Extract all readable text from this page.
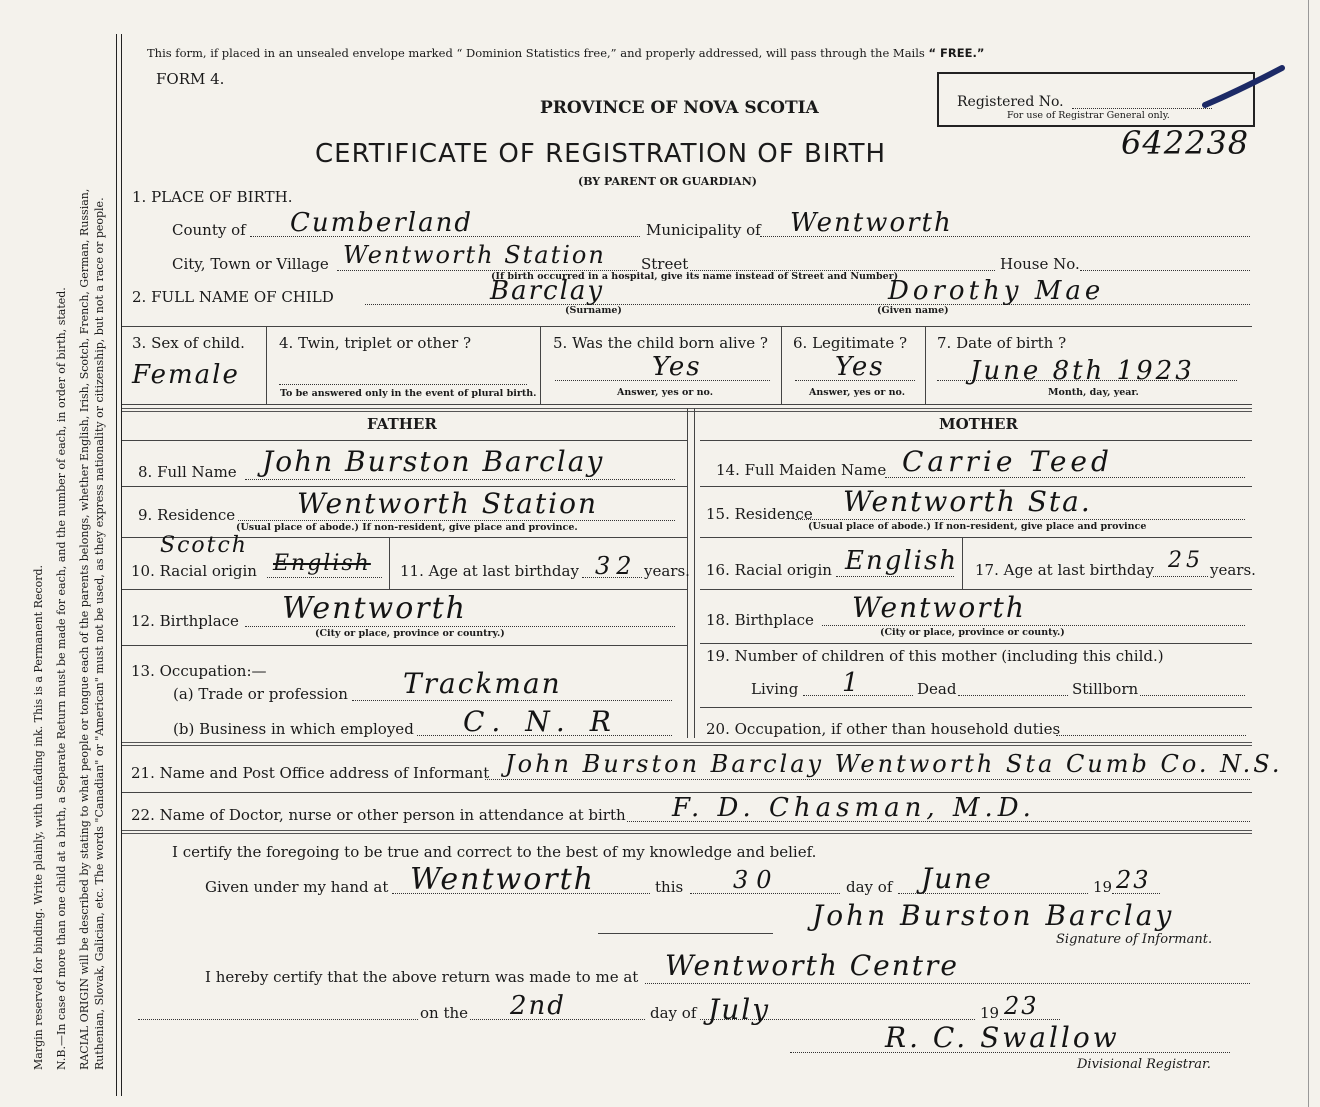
Margin reserved for binding. Write plainly, with unfading ink. This is a Permanent Record. N.B.—In case of more than one child at a birth, a Separate Return must be made for each, and the number of each, in order of birth, stated. RACIAL ORIGIN will be described by stating to what people or tongue each of the parents belongs, whether English, Irish, Scotch, French, German, Russian, Ruthenian, Slovak, Galician, etc. The words "Canadian" or "American" must not be used, as they express nationality or citizenship, but not a race or people.
This form, if placed in an unsealed envelope marked “ Dominion Statistics free,” and properly addressed, will pass through the Mails “ FREE.”
FORM 4.
PROVINCE OF NOVA SCOTIA
CERTIFICATE OF REGISTRATION OF BIRTH
(BY PARENT OR GUARDIAN)
Registered No.
For use of Registrar General only.
642238
1. PLACE OF BIRTH.
County of Cumberland	Municipality of Wentworth
City, Town or Village Wentworth Station Street	House No.
(If birth occurred in a hospital, give its name instead of Street and Number)
2. FULL NAME OF CHILD	Barclay	Dorothy Mae
(Surname)	(Given name)
3. Sex of child.
Female
4. Twin, triplet or other ?
To be answered only in the event of plural birth.
5. Was the child born alive ?
Yes
Answer, yes or no.
6. Legitimate ?
Yes
Answer, yes or no.
7. Date of birth ?
June 8th 1923
Month, day, year.
FATHER	MOTHER
8. Full Name John Burston Barclay	14. Full Maiden Name Carrie Teed
9. Residence Wentworth Station
(Usual place of abode.) If non-resident, give place and province.
15. Residence Wentworth Sta.
(Usual place of abode.) If non-resident, give place and province
10. Racial origin
Scotch
English 11. Age at last birthday 32 years. 16. Racial origin English 17. Age at last birthday 25 years.
12. Birthplace Wentworth
(City or place, province or country.)
18. Birthplace Wentworth
(City or place, province or county.)
13. Occupation:—
(a) Trade or profession Trackman
(b) Business in which employed C. N. R
19. Number of children of this mother (including this child.)
Living 1	Dead	Stillborn
20. Occupation, if other than household duties
21. Name and Post Office address of Informant John Burston Barclay Wentworth Sta Cumb Co. N.S.
22. Name of Doctor, nurse or other person in attendance at birth F. D. Chasman, M.D.
I certify the foregoing to be true and correct to the best of my knowledge and belief.
Given under my hand at Wentworth	this 30	day of June	19 23
John Burston Barclay
Signature of Informant.
I hereby certify that the above return was made to me at Wentworth Centre
on the 2nd	day of July	19 23
R. C. Swallow
Divisional Registrar.
